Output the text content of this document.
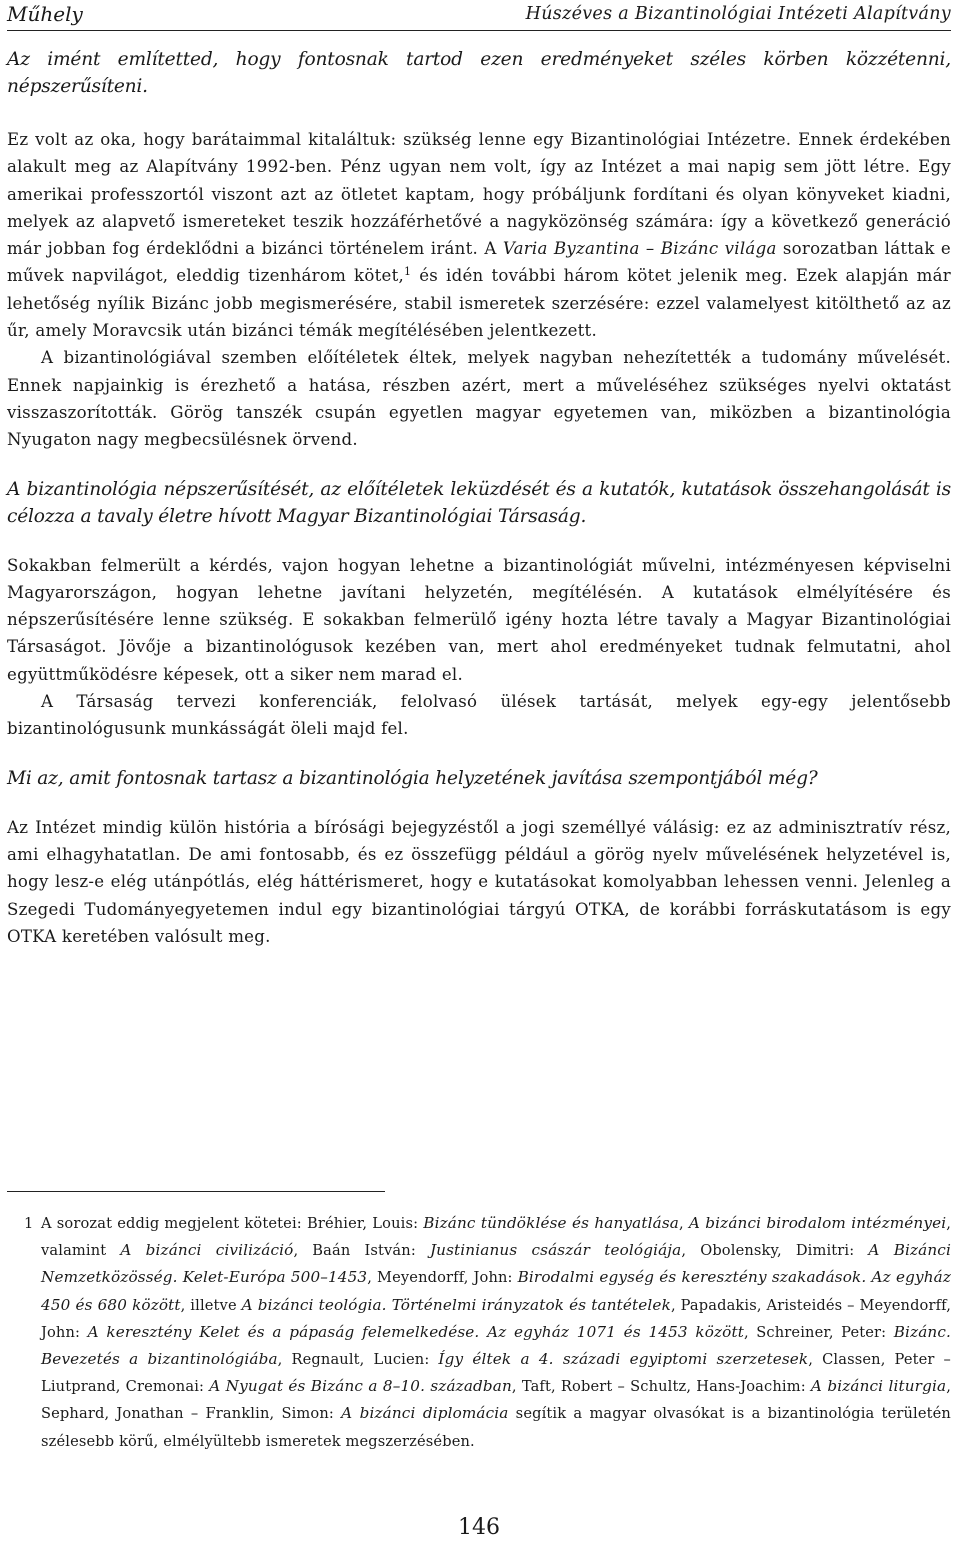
Műhely	Húszéves a Bizantinológiai Intézeti Alapítvány

Az imént említetted, hogy fontosnak tartod ezen eredményeket széles körben közzétenni, népszerűsíteni.

Ez volt az oka, hogy barátaimmal kitaláltuk: szükség lenne egy Bizantinológiai Intézetre. Ennek érdekében alakult meg az Alapítvány 1992-ben. Pénz ugyan nem volt, így az Intézet a mai napig sem jött létre. Egy amerikai professzortól viszont azt az ötletet kaptam, hogy próbáljunk fordítani és olyan könyveket kiadni, melyek az alapvető ismereteket teszik hozzáférhetővé a nagyközönség számára: így a következő generáció már jobban fog érdeklődni a bizánci történelem iránt. A Varia Byzantina – Bizánc világa sorozatban láttak e művek napvilágot, eleddig tizenhárom kötet,$^1$ és idén további három kötet jelenik meg. Ezek alapján már lehetőség nyílik Bizánc jobb megismerésére, stabil ismeretek szerzésére: ezzel valamelyest kitölthető az az űr, amely Moravcsik után bizánci témák megítélésében jelentkezett.

A bizantinológiával szemben előítéletek éltek, melyek nagyban nehezítették a tudomány művelését. Ennek napjainkig is érezhető a hatása, részben azért, mert a műveléséhez szükséges nyelvi oktatást visszaszorították. Görög tanszék csupán egyetlen magyar egyetemen van, miközben a bizantinológia Nyugaton nagy megbecsülésnek örvend.

A bizantinológia népszerűsítését, az előítéletek leküzdését és a kutatók, kutatások összehangolását is célozza a tavaly életre hívott Magyar Bizantinológiai Társaság.

Sokakban felmerült a kérdés, vajon hogyan lehetne a bizantinológiát művelni, intézményesen képviselni Magyarországon, hogyan lehetne javítani helyzetén, megítélésén. A kutatások elmélyítésére és népszerűsítésére lenne szükség. E sokakban felmerülő igény hozta létre tavaly a Magyar Bizantinológiai Társaságot. Jövője a bizantinológusok kezében van, mert ahol eredményeket tudnak felmutatni, ahol együttműködésre képesek, ott a siker nem marad el.

A Társaság tervezi konferenciák, felolvasó ülések tartását, melyek egy-egy jelentősebb bizantinológusunk munkásságát öleli majd fel.

Mi az, amit fontosnak tartasz a bizantinológia helyzetének javítása szempontjából még?

Az Intézet mindig külön história a bírósági bejegyzéstől a jogi személlyé válásig: ez az adminisztratív rész, ami elhagyhatatlan. De ami fontosabb, és ez összefügg például a görög nyelv művelésének helyzetével is, hogy lesz-e elég utánpótlás, elég háttérismeret, hogy e kutatásokat komolyabban lehessen venni. Jelenleg a Szegedi Tudományegyetemen indul egy bizantinológiai tárgyú OTKA, de korábbi forráskutatásom is egy OTKA keretében valósult meg.

1 A sorozat eddig megjelent kötetei: Bréhier, Louis: Bizánc tündöklése és hanyatlása, A bizánci birodalom intézményei, valamint A bizánci civilizáció, Baán István: Justinianus császár teológiája, Obolensky, Dimitri: A Bizánci Nemzetközösség. Kelet-Európa 500–1453, Meyendorff, John: Birodalmi egység és keresztény szakadások. Az egyház 450 és 680 között, illetve A bizánci teológia. Történelmi irányzatok és tantételek, Papadakis, Aristeidés – Meyendorff, John: A keresztény Kelet és a pápaság felemelkedése. Az egyház 1071 és 1453 között, Schreiner, Peter: Bizánc. Bevezetés a bizantinológiába, Regnault, Lucien: Így éltek a 4. századi egyiptomi szerzetesek, Classen, Peter – Liutprand, Cremonai: A Nyugat és Bizánc a 8–10. században, Taft, Robert – Schultz, Hans-Joachim: A bizánci liturgia, Sephard, Jonathan – Franklin, Simon: A bizánci diplomácia segítik a magyar olvasókat is a bizantinológia területén szélesebb körű, elmélyültebb ismeretek megszerzésében.
146
